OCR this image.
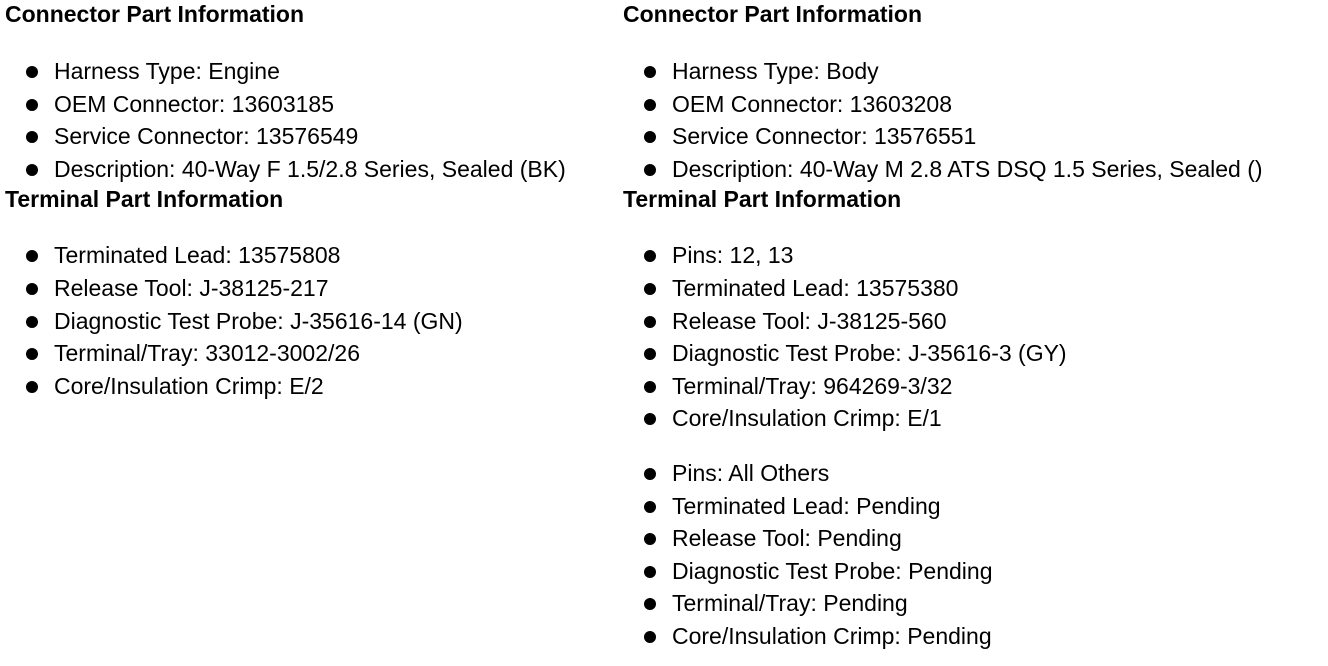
Connector Part Information
Harness Type: Engine
OEM Connector: 13603185
Service Connector: 13576549
Description: 40-Way F 1.5/2.8 Series, Sealed (BK)
Terminal Part Information
Terminated Lead: 13575808
Release Tool: J-38125-217
Diagnostic Test Probe: J-35616-14 (GN)
Terminal/Tray: 33012-3002/26
Core/Insulation Crimp: E/2
Connector Part Information
Harness Type: Body
OEM Connector: 13603208
Service Connector: 13576551
Description: 40-Way M 2.8 ATS DSQ 1.5 Series, Sealed ()
Terminal Part Information
Pins: 12, 13
Terminated Lead: 13575380
Release Tool: J-38125-560
Diagnostic Test Probe: J-35616-3 (GY)
Terminal/Tray: 964269-3/32
Core/Insulation Crimp: E/1
Pins: All Others
Terminated Lead: Pending
Release Tool: Pending
Diagnostic Test Probe: Pending
Terminal/Tray: Pending
Core/Insulation Crimp: Pending
